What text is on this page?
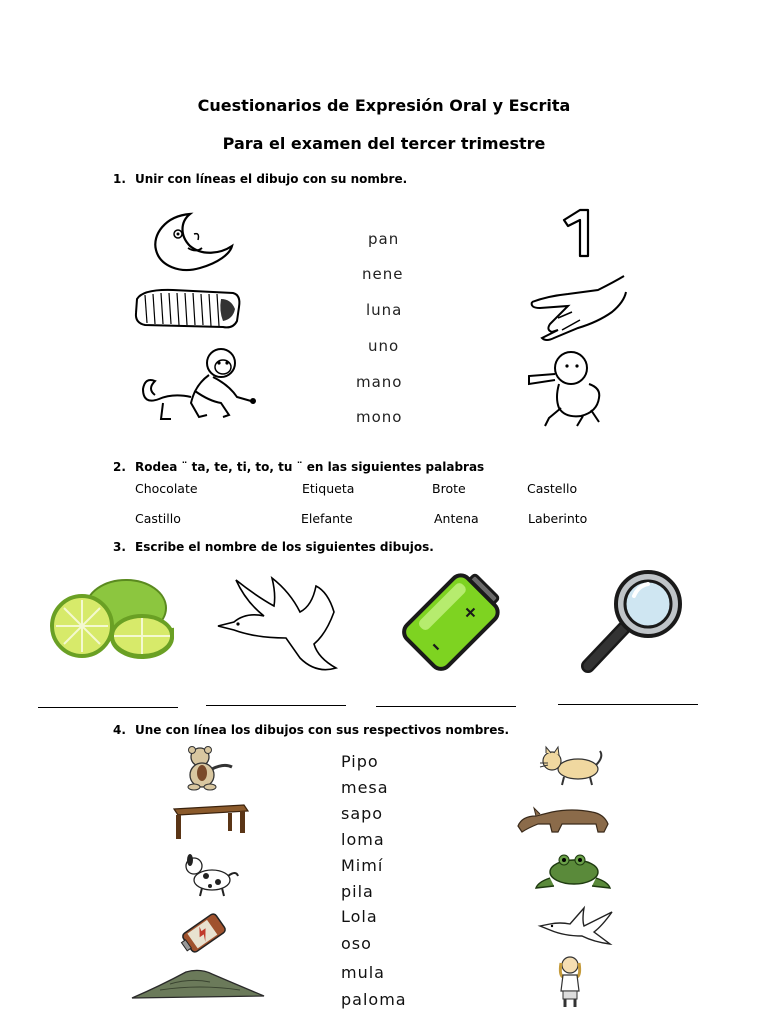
Cuestionarios de Expresión Oral y Escrita
Para el examen del tercer trimestre
1. Unir con líneas el dibujo con su nombre.
pan
nene
luna
uno
mano
mono
2. Rodea ¨ ta, te, ti, to, tu ¨ en las siguientes palabras
Chocolate	Etiqueta	Brote	Castello
Castillo	Elefante	Antena	Laberinto
3. Escribe el nombre de los siguientes dibujos.
+
–
4. Une con línea los dibujos con sus respectivos nombres.
Pipo
mesa
sapo
loma
Mimí
pila
Lola
oso
mula
paloma
